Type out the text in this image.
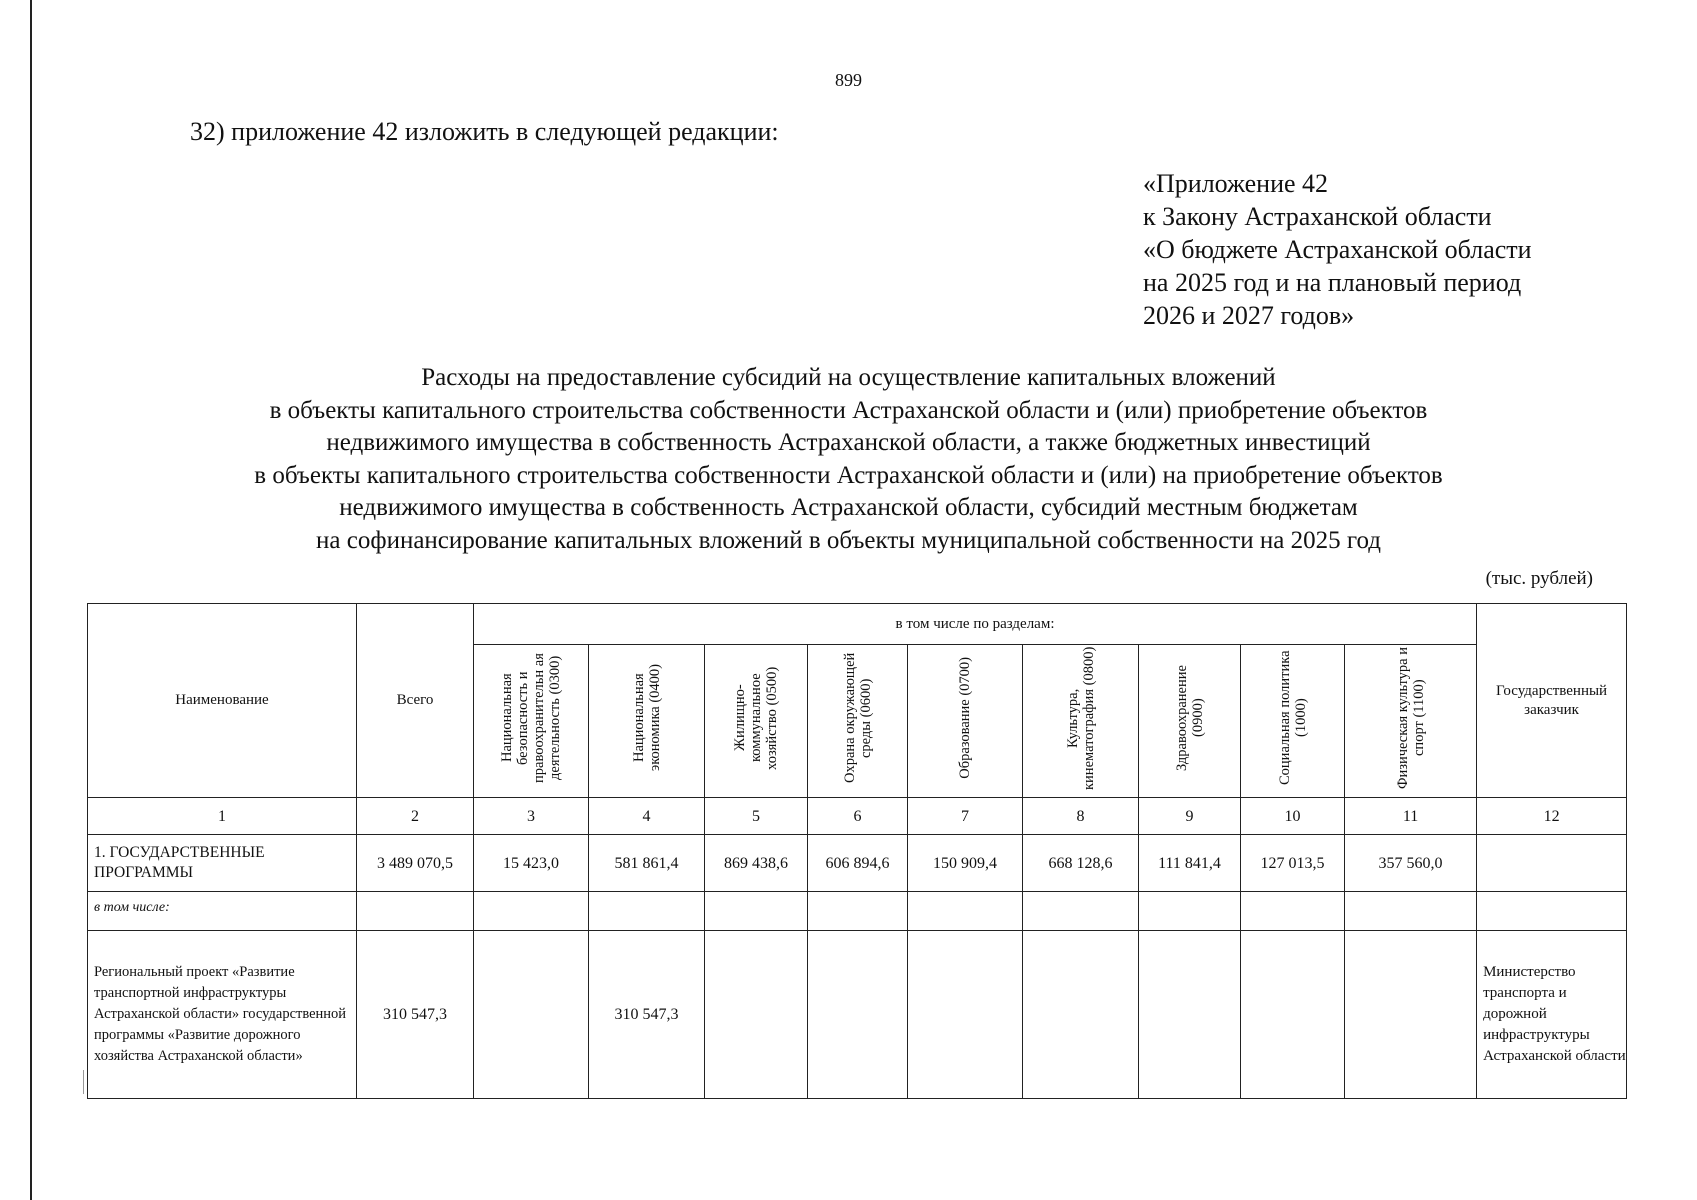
899
32) приложение 42 изложить в следующей редакции:
«Приложение 42
к Закону Астраханской области
«О бюджете Астраханской области
на 2025 год и на плановый период
2026 и 2027 годов»
Расходы на предоставление субсидий на осуществление капитальных вложений
в объекты капитального строительства собственности Астраханской области и (или) приобретение объектов
недвижимого имущества в собственность Астраханской области, а также бюджетных инвестиций
в объекты капитального строительства собственности Астраханской области и (или) на приобретение объектов
недвижимого имущества в собственность Астраханской области, субсидий местным бюджетам
на софинансирование капитальных вложений в объекты муниципальной собственности на 2025 год
(тыс. рублей)
Наименование	Всего	в том числе по разделам:									Государственный заказчик
		Национальная безопасность и правоохранительн ая деятельность (0300)	Национальная экономика (0400)	Жилищно-коммунальное хозяйство (0500)	Охрана окружающей среды (0600)	Образование (0700)	Культура, кинематография (0800)	Здравоохранение (0900)	Социальная политика (1000)	Физическая культура и спорт (1100)	
1	2	3	4	5	6	7	8	9	10	11	12
1. ГОСУДАРСТВЕННЫЕ ПРОГРАММЫ	3 489 070,5	15 423,0	581 861,4	869 438,6	606 894,6	150 909,4	668 128,6	111 841,4	127 013,5	357 560,0	
в том числе:											
Региональный проект «Развитие транспортной инфраструктуры Астраханской области» государственной программы «Развитие дорожного хозяйства Астраханской области»	310 547,3		310 547,3								Министерство транспорта и дорожной инфраструктуры Астраханской области
